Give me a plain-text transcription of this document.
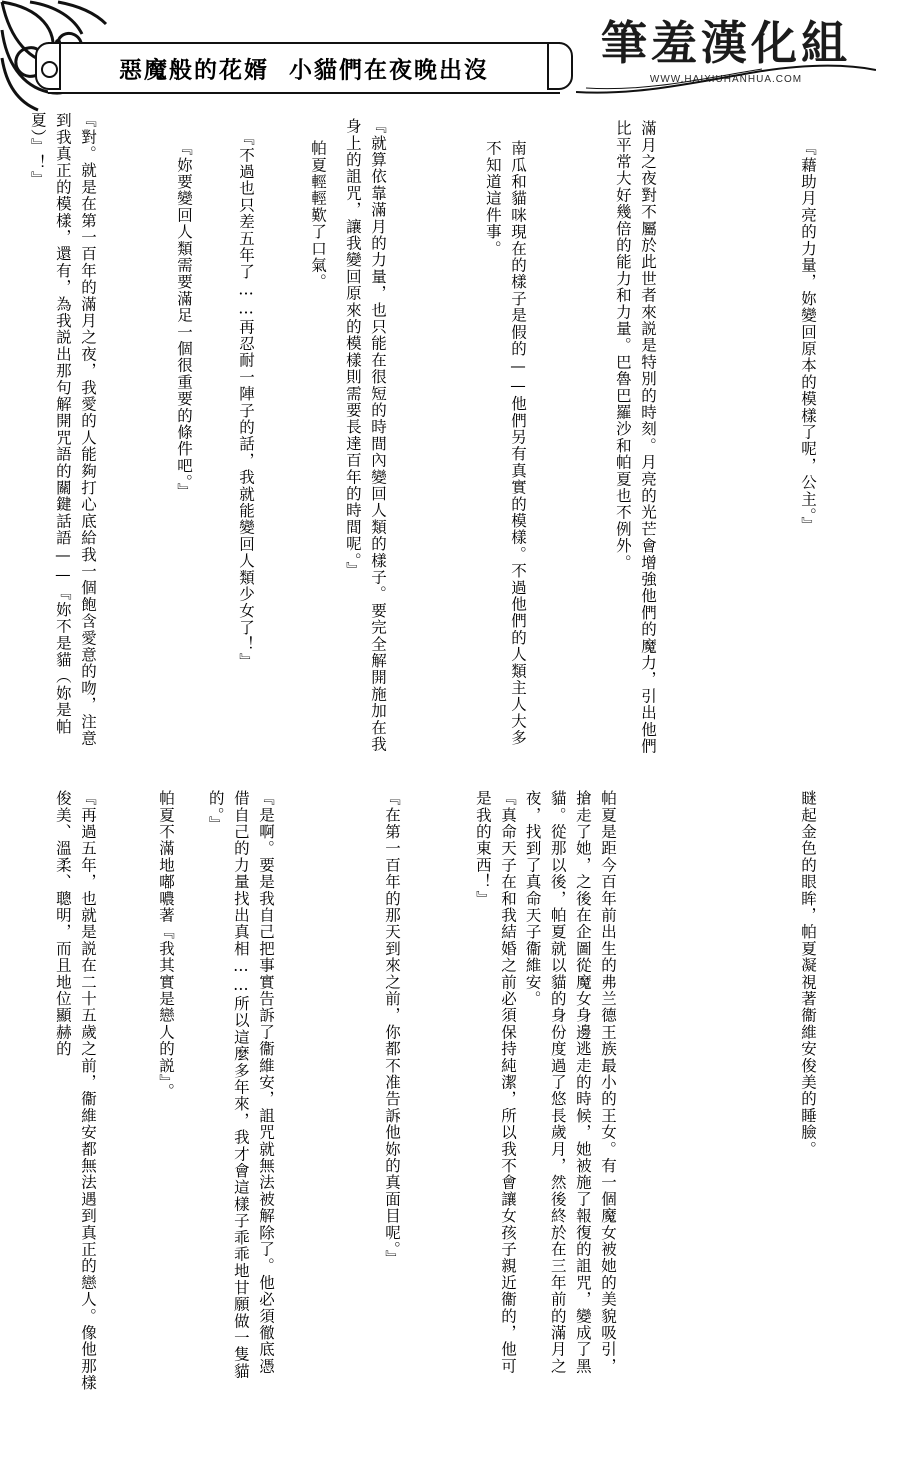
惡魔般的花婿  小貓們在夜晚出沒	筆羞漢化組
WWW.HAIXIUHANHUA.COM
『藉助月亮的力量，妳變回原本的模樣了呢，公主。』
滿月之夜對不屬於此世者來説是特別的時刻。月亮的光芒會增強他們的魔力，引出他們比平常大好幾倍的能力和力量。巴魯巴羅沙和帕夏也不例外。
南瓜和貓咪現在的樣子是假的——他們另有真實的模樣。不過他們的人類主人大多不知道這件事。
『就算依靠滿月的力量，也只能在很短的時間內變回人類的樣子。要完全解開施加在我身上的詛咒，讓我變回原來的模樣則需要長達百年的時間呢。』
帕夏輕輕歎了口氣。
『不過也只差五年了……再忍耐一陣子的話，我就能變回人類少女了！』
『妳要變回人類需要滿足一個很重要的條件吧。』
『對。就是在第一百年的滿月之夜，我愛的人能夠打心底給我一個飽含愛意的吻，注意到我真正的模樣，還有，為我説出那句解開咒語的關鍵話語——『妳不是貓（妳是帕夏）』！』
瞇起金色的眼眸，帕夏凝視著衞維安俊美的睡臉。
帕夏是距今百年前出生的弗兰德王族最小的王女。有一個魔女被她的美貌吸引，搶走了她，之後在企圖從魔女身邊逃走的時候，她被施了報復的詛咒，變成了黑貓。從那以後，帕夏就以貓的身份度過了悠長歲月，然後終於在三年前的滿月之夜，找到了真命天子衞維安。
『真命天子在和我結婚之前必須保持純潔，所以我不會讓女孩子親近衞的，他可是我的東西！』
『在第一百年的那天到來之前，你都不准告訴他妳的真面目呢。』
『是啊。要是我自己把事實告訴了衞維安，詛咒就無法被解除了。他必須徹底憑借自己的力量找出真相……所以這麼多年來，我才會這樣子乖乖地甘願做一隻貓的。』
帕夏不滿地嘟噥著『我其實是戀人的説』。
『再過五年，也就是説在二十五歲之前，衞維安都無法遇到真正的戀人。像他那樣俊美、溫柔、聰明，而且地位顯赫的
